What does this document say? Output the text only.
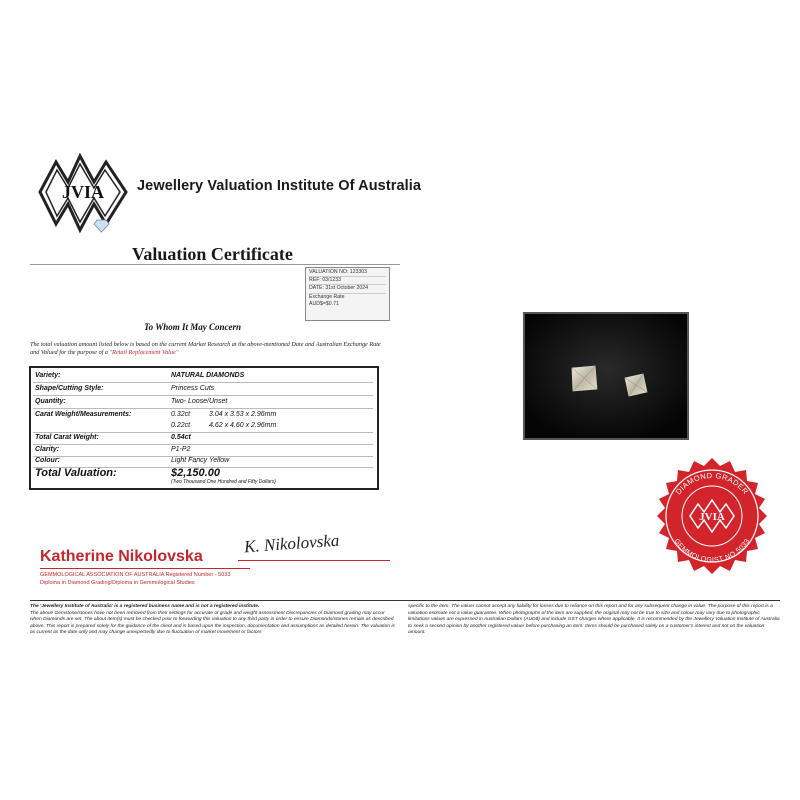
JVIA Jewellery Valuation Institute Of Australia
Valuation Certificate
VALUATION NO: 123303
REF: 03/1233
DATE: 31st October 2024
Exchange Rate
AUD$=$0.71
To Whom It May Concern
The total valuation amount listed below is based on the current Market Research at the above-mentioned Date and Australian Exchange Rate and Valued for the purpose of a "Retail Replacement Value"
Variety:	NATURAL DIAMONDS
Shape/Cutting Style:	Princess Cuts
Quantity:	Two- Loose/Unset
Carat Weight/Measurements:	0.32ct	3.04 x 3.53 x 2.96mm
0.22ct	4.62 x 4.60 x 2.96mm
Total Carat Weight:	0.54ct
Clarity:	P1-P2
Colour:	Light Fancy Yellow
Total Valuation:	$2,150.00
(Two Thousand One Hundred and Fifty Dollars)
Katherine Nikolovska
K. Nikolovska
GEMMOLOGICAL ASSOCIATION OF AUSTRALIA Registered Number - 5033
Diploma in Diamond Grading/Diploma in Gemmological Studies
DIAMOND GRADER
GEMMOLOGIST NO.5033
JVIA
The 'Jewellery Institute of Australia' is a registered business name and is not a registered institute.
The above Gemstone/stones have not been removed from their settings for accurate of grade and weight assessment Discrepancies of Diamond grading may occur when Diamonds are set. The about item(s) must be checked prior to forwarding this valuation to any third party in order to ensure Diamonds/stones remain as described above. This report is prepared solely for the guidance of the client and is based upon the inspection, documentation and assumptions as detailed herein. The valuation is as current as the date only and may change unexpectedly due to fluctuation of market movement or factors
specific to the item. The valuer cannot accept any liability for losses due to reliance on this report and for any subsequent change in value. The purpose of this report is a valuation estimate not a value guarantee. When photographs of the item are supplied, the original may not be true to size and colour may vary due to photographic limitations values are expressed in Australian Dollars (AUD$) and include GST charges where applicable. It is recommended by the Jewellery Valuation Institute of Australia to seek a second opinion by another registered valuer before purchasing an item. Items should be purchased solely on a customer's interest and not on the valuation amount.
